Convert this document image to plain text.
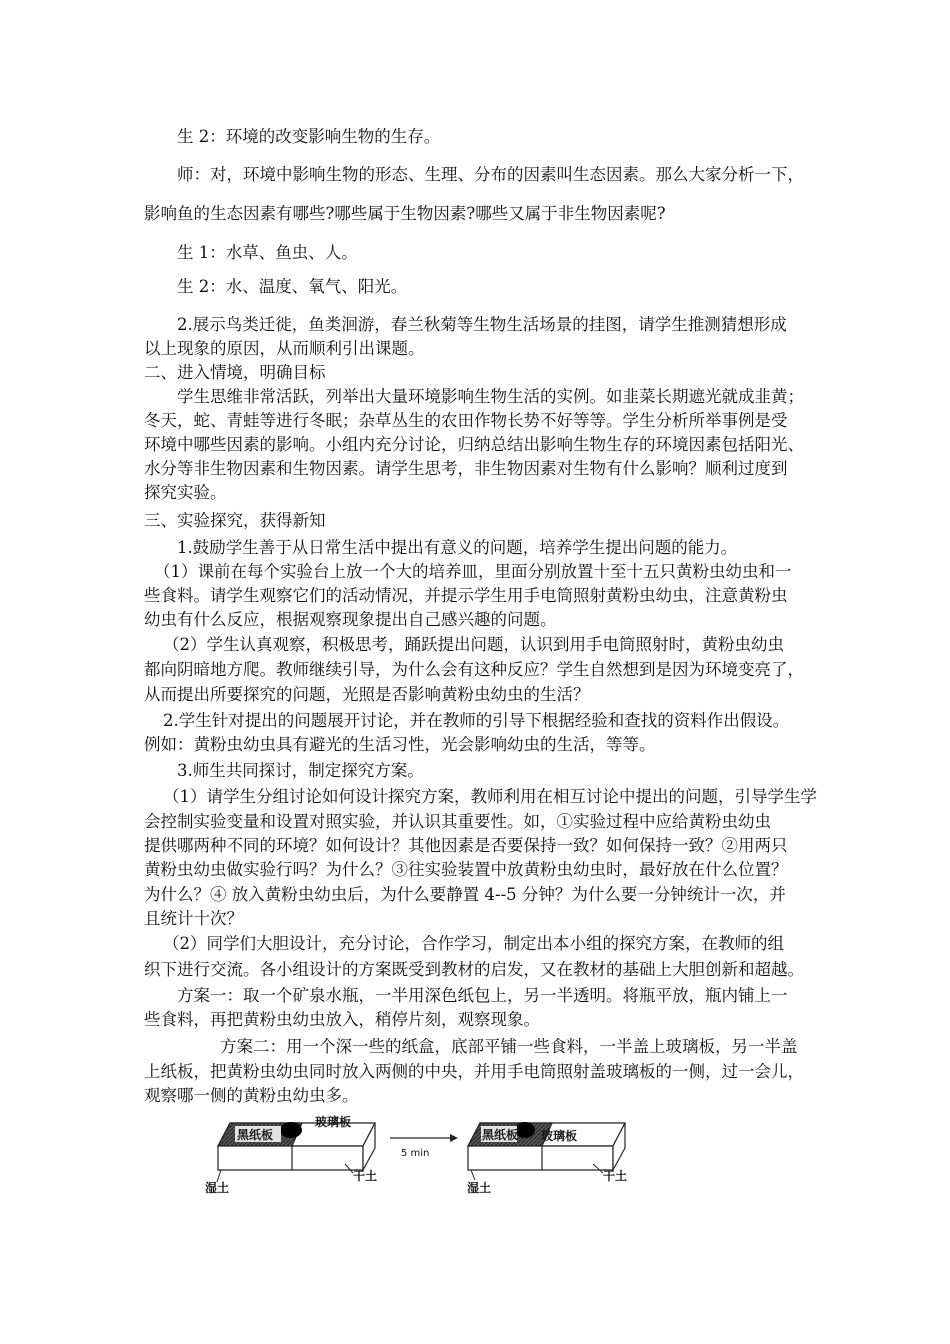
生 2：环境的改变影响生物的生存。
师：对，环境中影响生物的形态、生理、分布的因素叫生态因素。那么大家分析一下，
影响鱼的生态因素有哪些?哪些属于生物因素?哪些又属于非生物因素呢?
生 1：水草、鱼虫、人。
生 2：水、温度、氧气、阳光。
2.展示鸟类迁徙，鱼类洄游，春兰秋菊等生物生活场景的挂图，请学生推测猜想形成
以上现象的原因，从而顺利引出课题。
二、进入情境，明确目标
学生思维非常活跃，列举出大量环境影响生物生活的实例。如韭菜长期遮光就成韭黄；
冬天，蛇、青蛙等进行冬眠；杂草丛生的农田作物长势不好等等。学生分析所举事例是受
环境中哪些因素的影响。小组内充分讨论，归纳总结出影响生物生存的环境因素包括阳光、
水分等非生物因素和生物因素。请学生思考，非生物因素对生物有什么影响？顺利过度到
探究实验。
三、实验探究，获得新知
1.鼓励学生善于从日常生活中提出有意义的问题，培养学生提出问题的能力。
（1）课前在每个实验台上放一个大的培养皿，里面分别放置十至十五只黄粉虫幼虫和一
些食料。请学生观察它们的活动情况，并提示学生用手电筒照射黄粉虫幼虫，注意黄粉虫
幼虫有什么反应，根据观察现象提出自己感兴趣的问题。
（2）学生认真观察，积极思考，踊跃提出问题，认识到用手电筒照射时，黄粉虫幼虫
都向阴暗地方爬。教师继续引导，为什么会有这种反应？学生自然想到是因为环境变亮了，
从而提出所要探究的问题，光照是否影响黄粉虫幼虫的生活？
2.学生针对提出的问题展开讨论，并在教师的引导下根据经验和查找的资料作出假设。
例如：黄粉虫幼虫具有避光的生活习性，光会影响幼虫的生活，等等。
3.师生共同探讨，制定探究方案。
（1）请学生分组讨论如何设计探究方案，教师利用在相互讨论中提出的问题，引导学生学
会控制实验变量和设置对照实验，并认识其重要性。如，①实验过程中应给黄粉虫幼虫
提供哪两种不同的环境？如何设计？其他因素是否要保持一致？如何保持一致？②用两只
黄粉虫幼虫做实验行吗？为什么？③往实验装置中放黄粉虫幼虫时，最好放在什么位置？
为什么？④ 放入黄粉虫幼虫后，为什么要静置 4--5 分钟？为什么要一分钟统计一次，并
且统计十次？
（2）同学们大胆设计，充分讨论，合作学习，制定出本小组的探究方案，在教师的组
织下进行交流。各小组设计的方案既受到教材的启发，又在教材的基础上大胆创新和超越。
方案一：取一个矿泉水瓶，一半用深色纸包上，另一半透明。将瓶平放，瓶内铺上一
些食料，再把黄粉虫幼虫放入，稍停片刻，观察现象。
方案二：用一个深一些的纸盒，底部平铺一些食料，一半盖上玻璃板，另一半盖
上纸板，把黄粉虫幼虫同时放入两侧的中央，并用手电筒照射盖玻璃板的一侧，过一会儿，
观察哪一侧的黄粉虫幼虫多。
黑纸板
玻璃板
干土
湿土
5 min
黑纸板 玻璃板
干土
湿土
